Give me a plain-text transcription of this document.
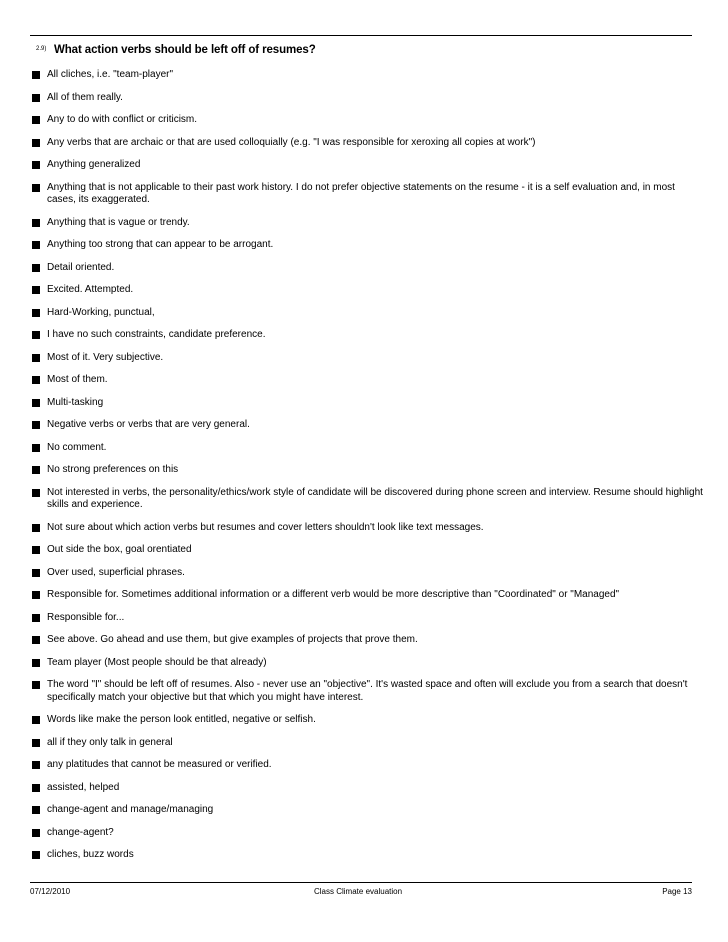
2.9) What action verbs should be left off of resumes?
All cliches, i.e. "team-player"
All of them really.
Any to do with conflict or criticism.
Any verbs that are archaic or that are used colloquially (e.g. "I was responsible for xeroxing all copies at work")
Anything generalized
Anything that is not applicable to their past work history. I do not prefer objective statements on the resume - it is a self evaluation and, in most cases, its exaggerated.
Anything that is vague or trendy.
Anything too strong that can appear to be arrogant.
Detail oriented.
Excited. Attempted.
Hard-Working, punctual,
I have no such constraints, candidate preference.
Most of it. Very subjective.
Most of them.
Multi-tasking
Negative verbs or verbs that are very general.
No comment.
No strong preferences on this
Not interested in verbs, the personality/ethics/work style of candidate will be discovered during phone screen and interview. Resume should highlight skills and experience.
Not sure about which action verbs but resumes and cover letters shouldn't look like text messages.
Out side the box, goal orentiated
Over used, superficial phrases.
Responsible for. Sometimes additional information or a different verb would be more descriptive than "Coordinated" or "Managed"
Responsible for...
See above. Go ahead and use them, but give examples of projects that prove them.
Team player (Most people should be that already)
The word "I" should be left off of resumes. Also - never use an "objective". It's wasted space and often will exclude you from a search that doesn't specifically match your objective but that which you might have interest.
Words like make the person look entitled, negative or selfish.
all if they only talk in general
any platitudes that cannot be measured or verified.
assisted, helped
change-agent and manage/managing
change-agent?
cliches, buzz words
07/12/2010	Class Climate evaluation	Page 13
